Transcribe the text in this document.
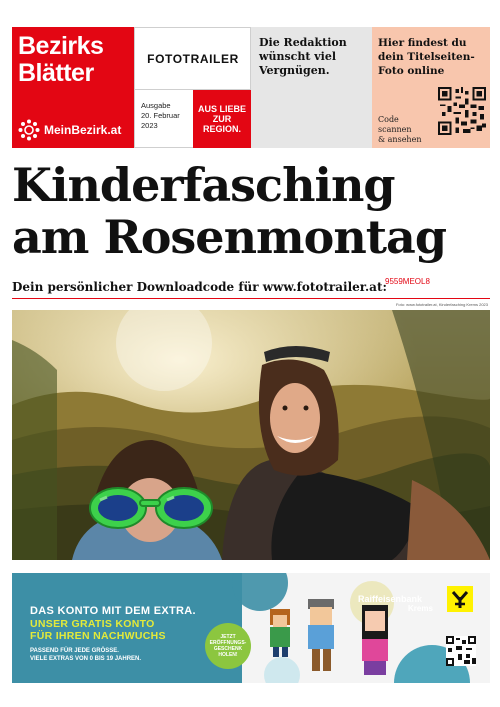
Bezirks
Blätter
MeinBezirk.at
FOTOTRAILER
Ausgabe
20. Februar
2023
AUS LIEBE
ZUR
REGION.
Die Redaktion wünscht viel Vergnügen.
Hier findest du dein Titelseiten-Foto online
Code
scannen
& ansehen
Kinderfasching
am Rosenmontag
Dein persönlicher Downloadcode für www.fototrailer.at:
9559MEOL8
Foto: www.fototrailer.at, Kinderfasching Krems 2023
DAS KONTO MIT DEM EXTRA.
UNSER GRATIS KONTO
FÜR IHREN NACHWUCHS
PASSEND FÜR JEDE GRÖSSE.
VIELE EXTRAS VON 0 BIS 19 JAHREN.
JETZT
ERÖFFNUNGS-
GESCHENK
HOLEN!
Raiffeisenbank
Krems
